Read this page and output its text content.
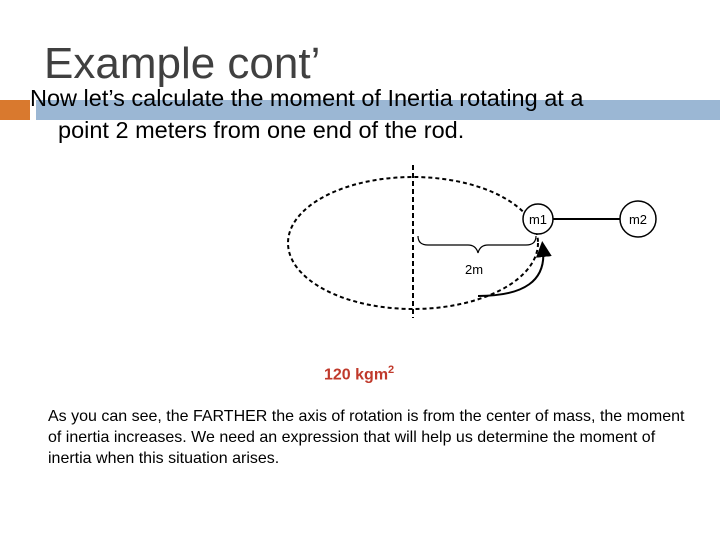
Example cont’
Now let’s calculate the moment of Inertia rotating at a
point 2 meters from one end of the rod.
m1	m2
2m
120 kgm$^2$
As you can see, the FARTHER the axis of rotation is from the center of mass, the moment of inertia increases. We need an expression that will help us determine the moment of inertia when this situation arises.
